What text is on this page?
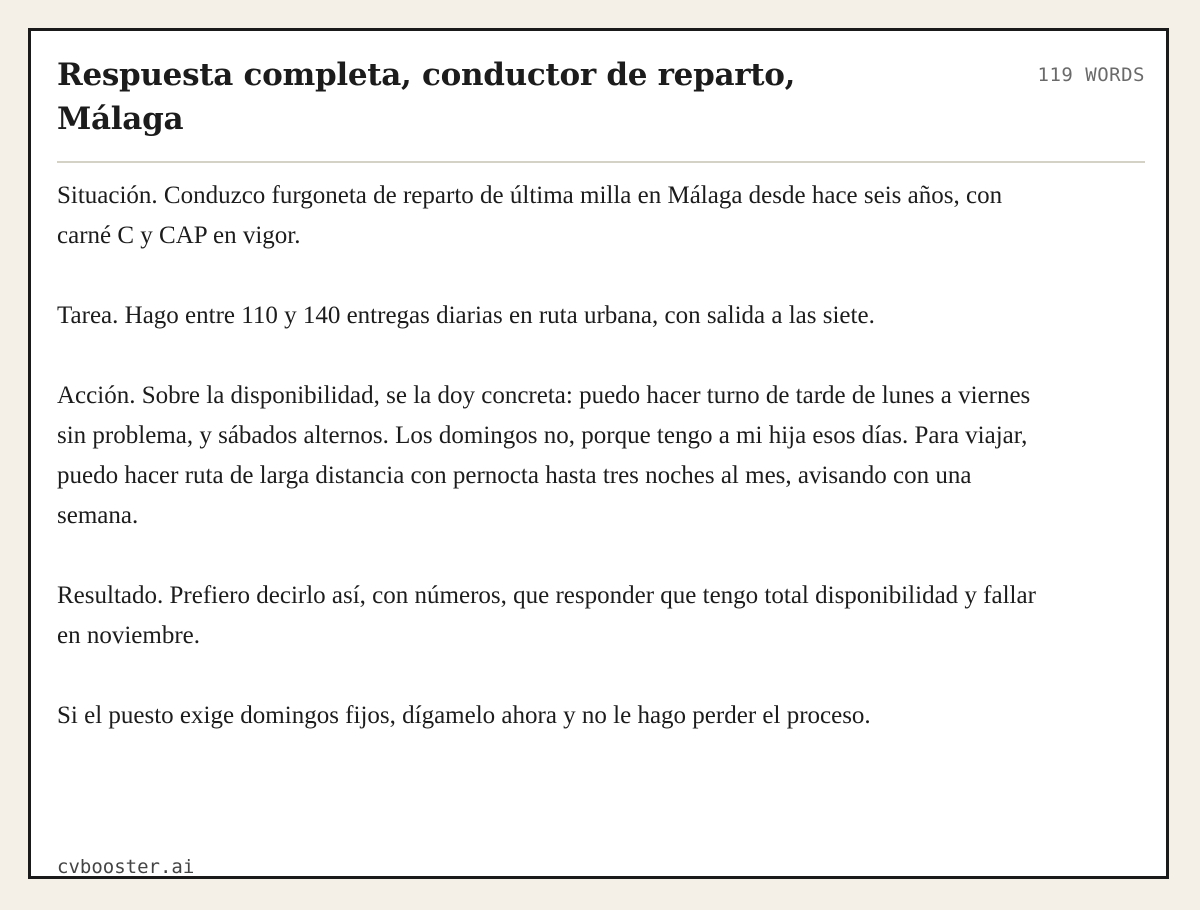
Respuesta completa, conductor de reparto, Málaga
119 WORDS

Situación. Conduzco furgoneta de reparto de última milla en Málaga desde hace seis años, con carné C y CAP en vigor.

Tarea. Hago entre 110 y 140 entregas diarias en ruta urbana, con salida a las siete.

Acción. Sobre la disponibilidad, se la doy concreta: puedo hacer turno de tarde de lunes a viernes sin problema, y sábados alternos. Los domingos no, porque tengo a mi hija esos días. Para viajar, puedo hacer ruta de larga distancia con pernocta hasta tres noches al mes, avisando con una semana.

Resultado. Prefiero decirlo así, con números, que responder que tengo total disponibilidad y fallar en noviembre.

Si el puesto exige domingos fijos, dígamelo ahora y no le hago perder el proceso.

cvbooster.ai
